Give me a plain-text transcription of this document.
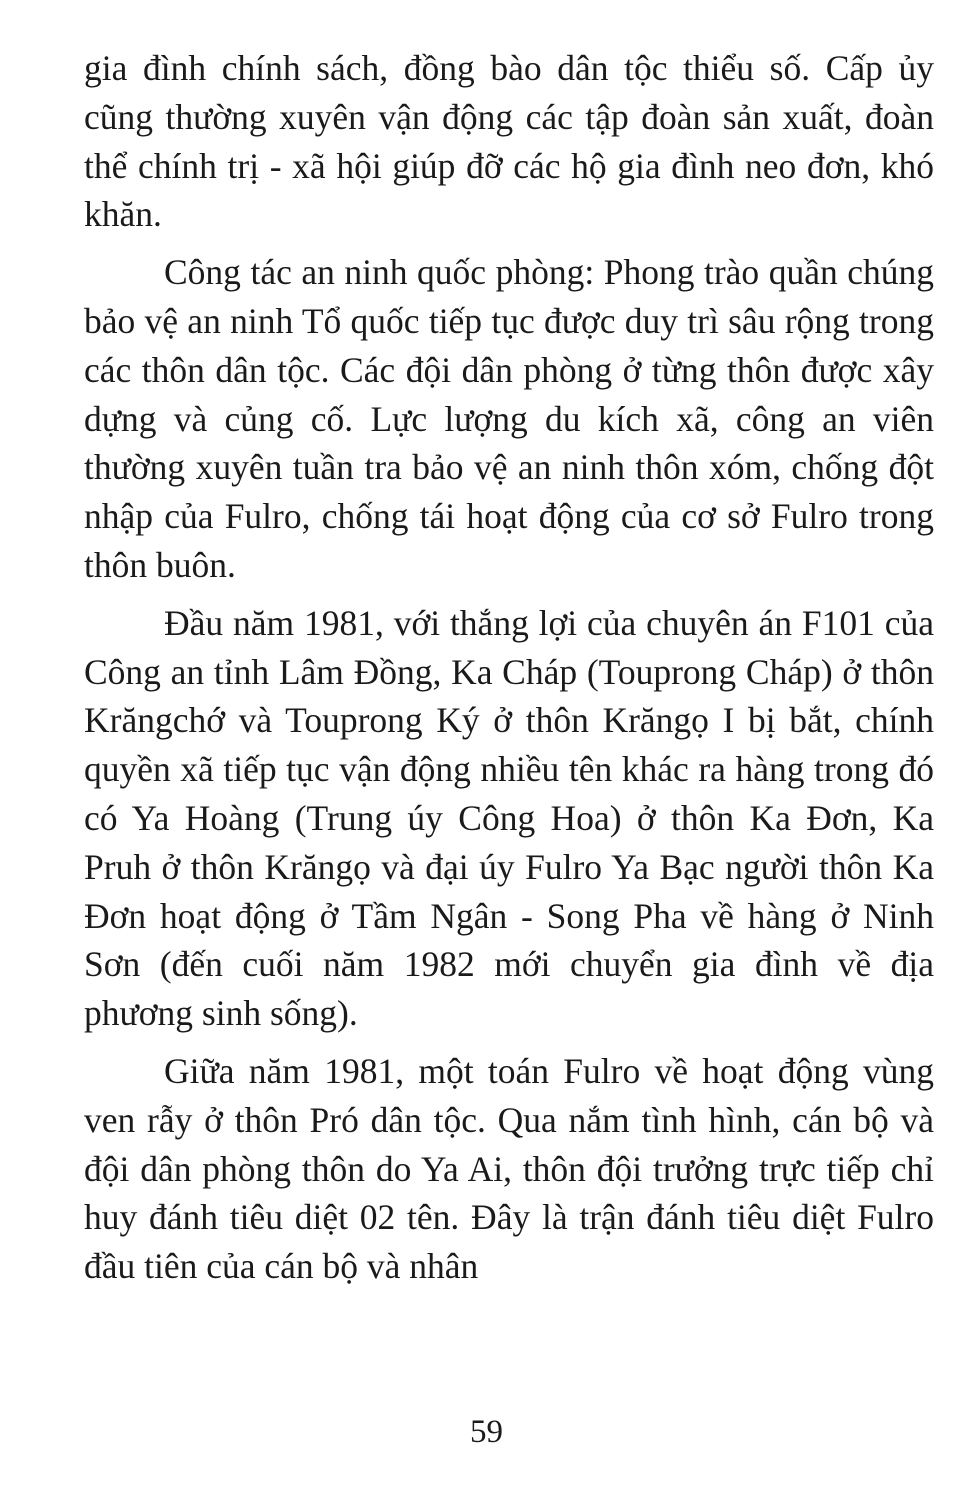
gia đình chính sách, đồng bào dân tộc thiểu số. Cấp ủy cũng thường xuyên vận động các tập đoàn sản xuất, đoàn thể chính trị - xã hội giúp đỡ các hộ gia đình neo đơn, khó khăn.

Công tác an ninh quốc phòng: Phong trào quần chúng bảo vệ an ninh Tổ quốc tiếp tục được duy trì sâu rộng trong các thôn dân tộc. Các đội dân phòng ở từng thôn được xây dựng và củng cố. Lực lượng du kích xã, công an viên thường xuyên tuần tra bảo vệ an ninh thôn xóm, chống đột nhập của Fulro, chống tái hoạt động của cơ sở Fulro trong thôn buôn.

Đầu năm 1981, với thắng lợi của chuyên án F101 của Công an tỉnh Lâm Đồng, Ka Cháp (Touprong Cháp) ở thôn Krăngchớ và Touprong Ký ở thôn Krăngọ I bị bắt, chính quyền xã tiếp tục vận động nhiều tên khác ra hàng trong đó có Ya Hoàng (Trung úy Công Hoa) ở thôn Ka Đơn, Ka Pruh ở thôn Krăngọ và đại úy Fulro Ya Bạc người thôn Ka Đơn hoạt động ở Tầm Ngân - Song Pha về hàng ở Ninh Sơn (đến cuối năm 1982 mới chuyển gia đình về địa phương sinh sống).

Giữa năm 1981, một toán Fulro về hoạt động vùng ven rẫy ở thôn Pró dân tộc. Qua nắm tình hình, cán bộ và đội dân phòng thôn do Ya Ai, thôn đội trưởng trực tiếp chỉ huy đánh tiêu diệt 02 tên. Đây là trận đánh tiêu diệt Fulro đầu tiên của cán bộ và nhân

59
